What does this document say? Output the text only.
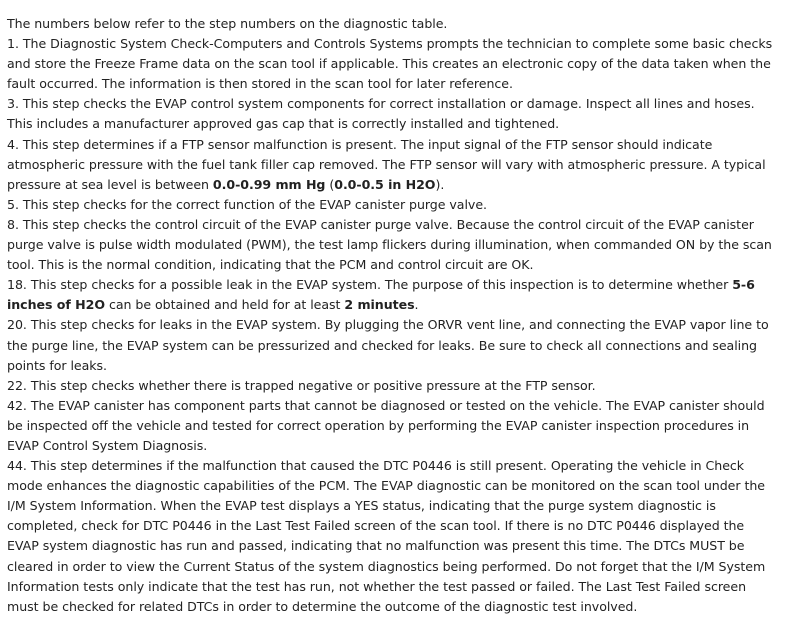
The numbers below refer to the step numbers on the diagnostic table.

1. The Diagnostic System Check-Computers and Controls Systems prompts the technician to complete some basic checks and store the Freeze Frame data on the scan tool if applicable. This creates an electronic copy of the data taken when the fault occurred. The information is then stored in the scan tool for later reference.

3. This step checks the EVAP control system components for correct installation or damage. Inspect all lines and hoses. This includes a manufacturer approved gas cap that is correctly installed and tightened.

4. This step determines if a FTP sensor malfunction is present. The input signal of the FTP sensor should indicate atmospheric pressure with the fuel tank filler cap removed. The FTP sensor will vary with atmospheric pressure. A typical pressure at sea level is between 0.0-0.99 mm Hg (0.0-0.5 in H2O).

5. This step checks for the correct function of the EVAP canister purge valve.

8. This step checks the control circuit of the EVAP canister purge valve. Because the control circuit of the EVAP canister purge valve is pulse width modulated (PWM), the test lamp flickers during illumination, when commanded ON by the scan tool. This is the normal condition, indicating that the PCM and control circuit are OK.

18. This step checks for a possible leak in the EVAP system. The purpose of this inspection is to determine whether 5-6 inches of H2O can be obtained and held for at least 2 minutes.

20. This step checks for leaks in the EVAP system. By plugging the ORVR vent line, and connecting the EVAP vapor line to the purge line, the EVAP system can be pressurized and checked for leaks. Be sure to check all connections and sealing points for leaks.

22. This step checks whether there is trapped negative or positive pressure at the FTP sensor.

42. The EVAP canister has component parts that cannot be diagnosed or tested on the vehicle. The EVAP canister should be inspected off the vehicle and tested for correct operation by performing the EVAP canister inspection procedures in EVAP Control System Diagnosis.

44. This step determines if the malfunction that caused the DTC P0446 is still present. Operating the vehicle in Check mode enhances the diagnostic capabilities of the PCM. The EVAP diagnostic can be monitored on the scan tool under the I/M System Information. When the EVAP test displays a YES status, indicating that the purge system diagnostic is completed, check for DTC P0446 in the Last Test Failed screen of the scan tool. If there is no DTC P0446 displayed the EVAP system diagnostic has run and passed, indicating that no malfunction was present this time. The DTCs MUST be cleared in order to view the Current Status of the system diagnostics being performed. Do not forget that the I/M System Information tests only indicate that the test has run, not whether the test passed or failed. The Last Test Failed screen must be checked for related DTCs in order to determine the outcome of the diagnostic test involved.
